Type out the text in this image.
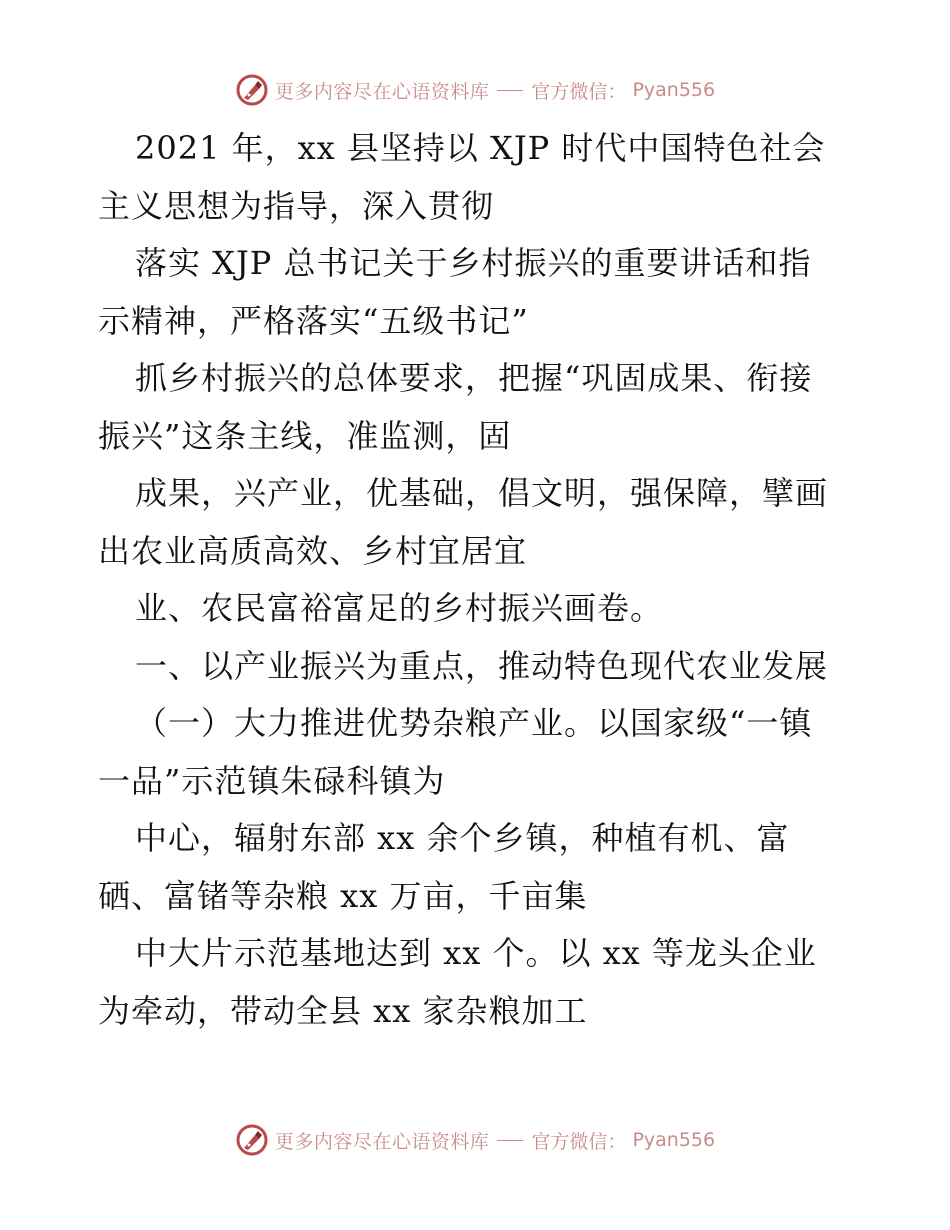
更多内容尽在心语资料库 官方微信： Pyan556
2021 年，xx 县坚持以 XJP 时代中国特色社会
主义思想为指导，深入贯彻
落实 XJP 总书记关于乡村振兴的重要讲话和指
示精神，严格落实“五级书记”
抓乡村振兴的总体要求，把握“巩固成果、衔接
振兴”这条主线，准监测，固
成果，兴产业，优基础，倡文明，强保障，擘画
出农业高质高效、乡村宜居宜
业、农民富裕富足的乡村振兴画卷。
一、以产业振兴为重点，推动特色现代农业发展
（一）大力推进优势杂粮产业。以国家级“一镇
一品”示范镇朱碌科镇为
中心，辐射东部 xx 余个乡镇，种植有机、富
硒、富锗等杂粮 xx 万亩，千亩集
中大片示范基地达到 xx 个。以 xx 等龙头企业
为牵动，带动全县 xx 家杂粮加工
更多内容尽在心语资料库 官方微信： Pyan556
